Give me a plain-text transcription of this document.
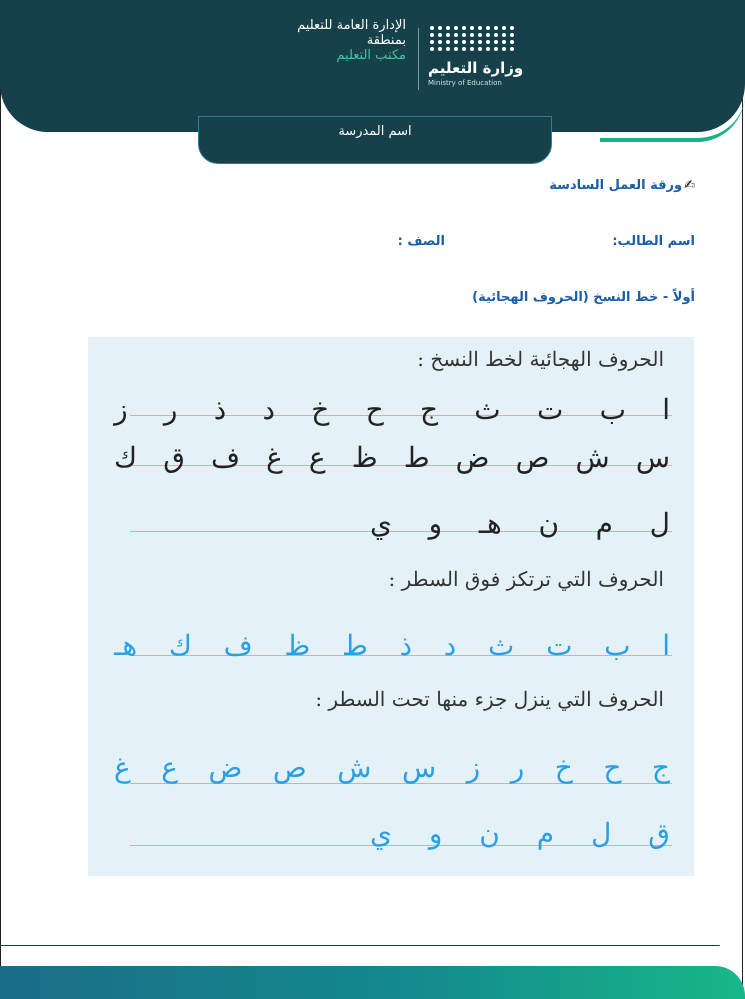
الإدارة العامة للتعليم
بمنطقة
مكتب التعليم
وزارة التعليم
Ministry of Education
اسم المدرسة
✍ورقة العمل السادسة
اسم الطالب:
الصف :
أولاً - خط النسخ (الحروف الهجائية)
الحروف الهجائية لخط النسخ :
ا
ب
ت
ث
ج
ح
خ
د
ذ
ر
ز
س
ش
ص
ض
ط
ظ
ع
غ
ف
ق
ك
ل
م
ن
هـ
و
ي
الحروف التي ترتكز فوق السطر :
ا
ب
ت
ث
د
ذ
ط
ظ
ف
ك
هـ
الحروف التي ينزل جزء منها تحت السطر :
ج
ح
خ
ر
ز
س
ش
ص
ض
ع
غ
ق
ل
م
ن
و
ي
